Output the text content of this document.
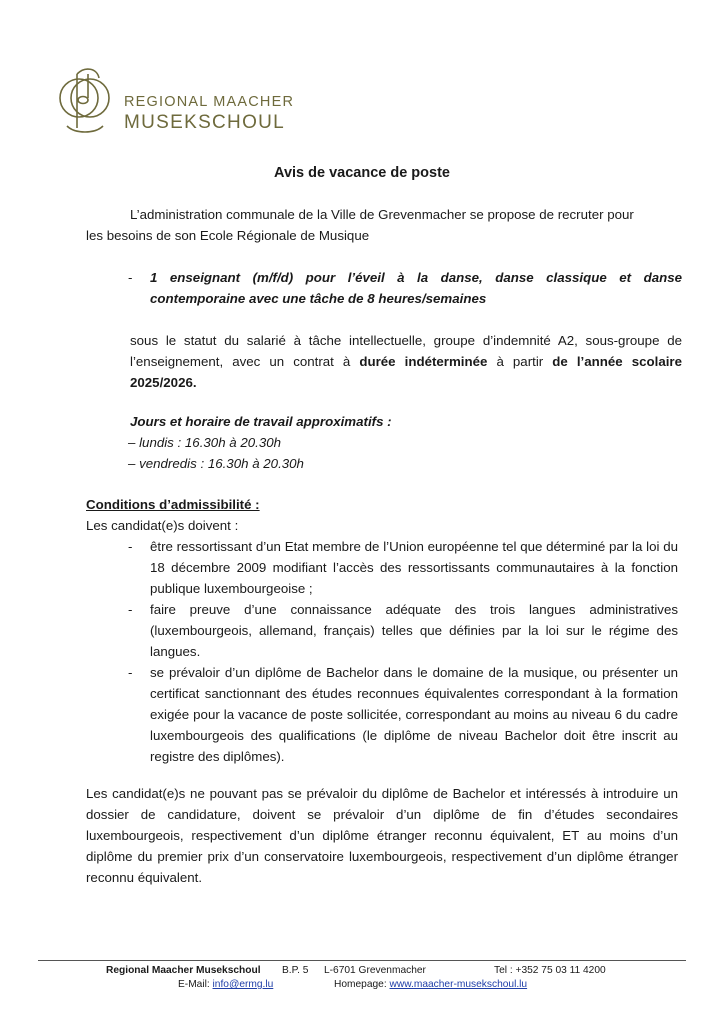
REGIONAL MAACHER
MUSEKSCHOUL
Avis de vacance de poste
L’administration communale de la Ville de Grevenmacher se propose de recruter pour
les besoins de son Ecole Régionale de Musique
- 1 enseignant (m/f/d) pour l’éveil à la danse, danse classique et danse
contemporaine avec une tâche de 8 heures/semaines
sous le statut du salarié à tâche intellectuelle, groupe d’indemnité A2, sous-groupe de l’enseignement, avec un contrat à durée indéterminée à partir de l’année scolaire 2025/2026.
Jours et horaire de travail approximatifs :
– lundis : 16.30h à 20.30h
– vendredis : 16.30h à 20.30h
Conditions d’admissibilité :
Les candidat(e)s doivent :
- être ressortissant d’un Etat membre de l’Union européenne tel que déterminé par la loi du 18 décembre 2009 modifiant l’accès des ressortissants communautaires à la fonction publique luxembourgeoise ;
- faire preuve d’une connaissance adéquate des trois langues administratives (luxembourgeois, allemand, français) telles que définies par la loi sur le régime des langues.
- se prévaloir d’un diplôme de Bachelor dans le domaine de la musique, ou présenter un certificat sanctionnant des études reconnues équivalentes correspondant à la formation exigée pour la vacance de poste sollicitée, correspondant au moins au niveau 6 du cadre luxembourgeois des qualifications (le diplôme de niveau Bachelor doit être inscrit au registre des diplômes).
Les candidat(e)s ne pouvant pas se prévaloir du diplôme de Bachelor et intéressés à introduire un dossier de candidature, doivent se prévaloir d’un diplôme de fin d’études secondaires luxembourgeois, respectivement d’un diplôme étranger reconnu équivalent, ET au moins d’un diplôme du premier prix d’un conservatoire luxembourgeois, respectivement d’un diplôme étranger reconnu équivalent.
Regional Maacher Musekschoul B.P. 5 L-6701 Grevenmacher	Tel : +352 75 03 11 4200
E-Mail: info@ermg.lu	Homepage: www.maacher-musekschoul.lu
